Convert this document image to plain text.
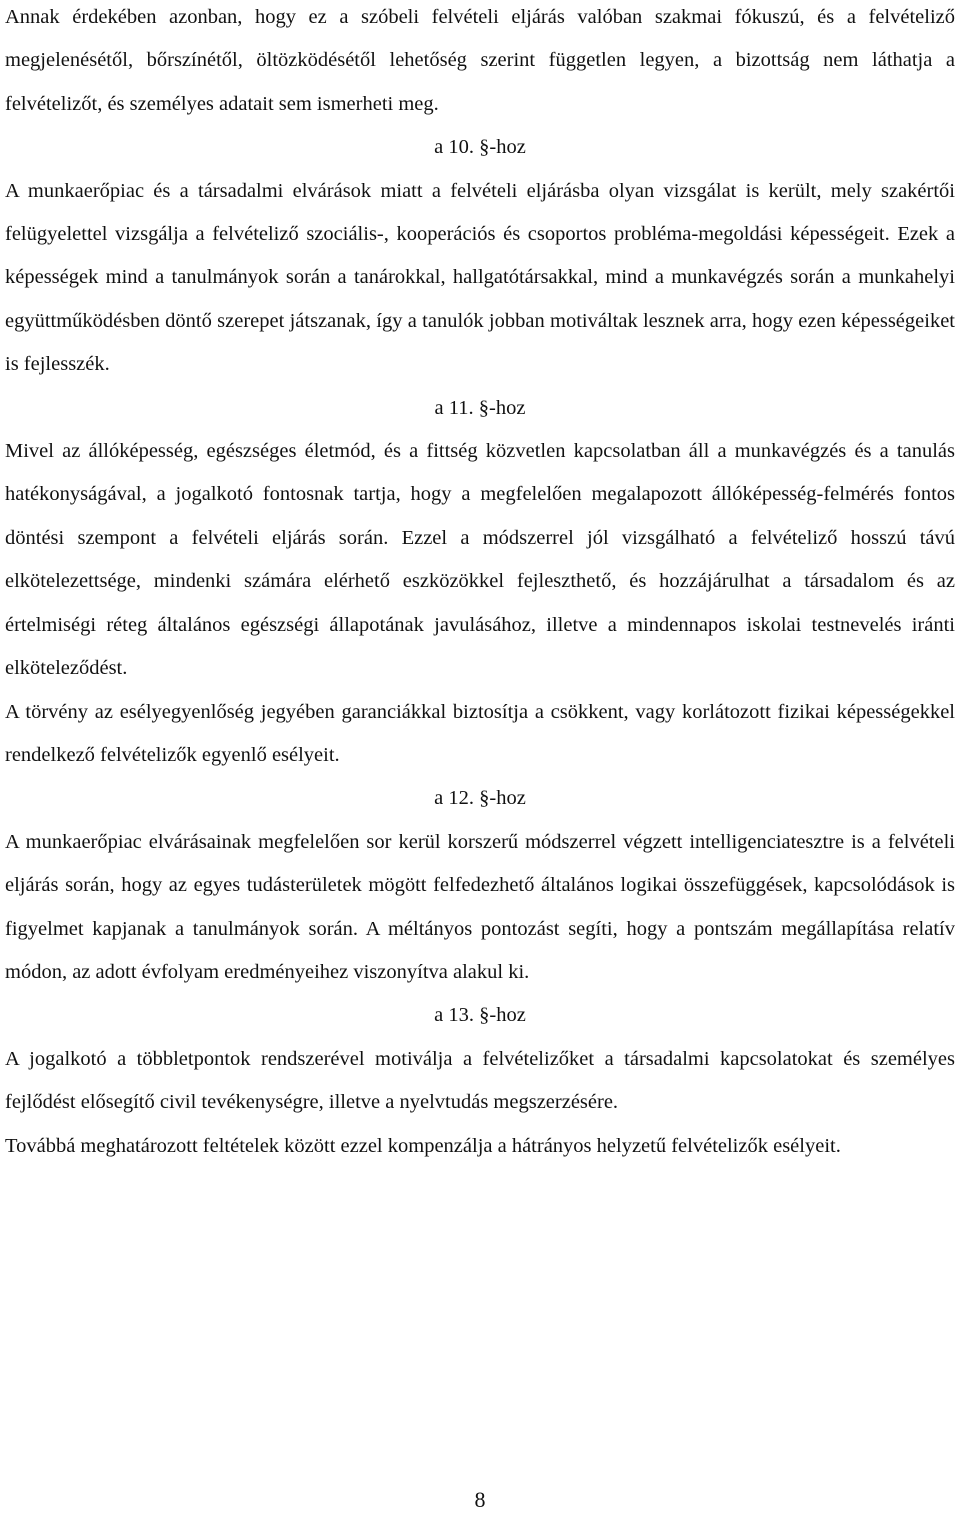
Annak érdekében azonban, hogy ez a szóbeli felvételi eljárás valóban szakmai fókuszú, és a felvételiző megjelenésétől, bőrszínétől, öltözködésétől lehetőség szerint független legyen, a bizottság nem láthatja a felvételizőt, és személyes adatait sem ismerheti meg.

a 10. §-hoz

A munkaerőpiac és a társadalmi elvárások miatt a felvételi eljárásba olyan vizsgálat is került, mely szakértői felügyelettel vizsgálja a felvételiző szociális-, kooperációs és csoportos probléma-megoldási képességeit. Ezek a képességek mind a tanulmányok során a tanárokkal, hallgatótársakkal, mind a munkavégzés során a munkahelyi együttműködésben döntő szerepet játszanak, így a tanulók jobban motiváltak lesznek arra, hogy ezen képességeiket is fejlesszék.

a 11. §-hoz

Mivel az állóképesség, egészséges életmód, és a fittség közvetlen kapcsolatban áll a munkavégzés és a tanulás hatékonyságával, a jogalkotó fontosnak tartja, hogy a megfelelően megalapozott állóképesség-felmérés fontos döntési szempont a felvételi eljárás során. Ezzel a módszerrel jól vizsgálható a felvételiző hosszú távú elkötelezettsége, mindenki számára elérhető eszközökkel fejleszthető, és hozzájárulhat a társadalom és az értelmiségi réteg általános egészségi állapotának javulásához, illetve a mindennapos iskolai testnevelés iránti elköteleződést.

A törvény az esélyegyenlőség jegyében garanciákkal biztosítja a csökkent, vagy korlátozott fizikai képességekkel rendelkező felvételizők egyenlő esélyeit.

a 12. §-hoz

A munkaerőpiac elvárásainak megfelelően sor kerül korszerű módszerrel végzett intelligenciatesztre is a felvételi eljárás során, hogy az egyes tudásterületek mögött felfedezhető általános logikai összefüggések, kapcsolódások is figyelmet kapjanak a tanulmányok során. A méltányos pontozást segíti, hogy a pontszám megállapítása relatív módon, az adott évfolyam eredményeihez viszonyítva alakul ki.

a 13. §-hoz

A jogalkotó a többletpontok rendszerével motiválja a felvételizőket a társadalmi kapcsolatokat és személyes fejlődést elősegítő civil tevékenységre, illetve a nyelvtudás megszerzésére.

Továbbá meghatározott feltételek között ezzel kompenzálja a hátrányos helyzetű felvételizők esélyeit.

8
